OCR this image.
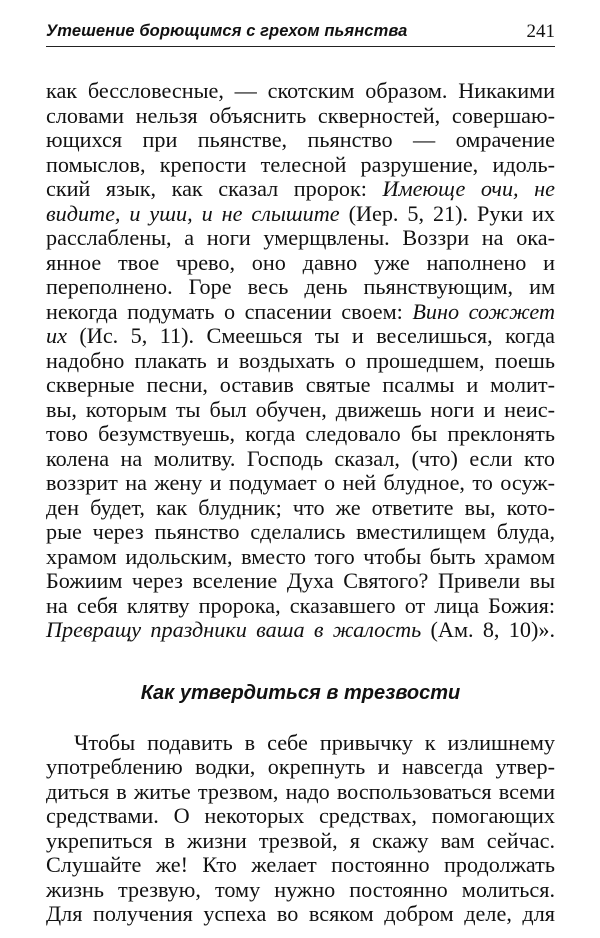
Утешение борющимся с грехом пьянства	241
как бессловесные, — скотским образом. Никакими
словами нельзя объяснить скверностей, совершаю-
ющихся при пьянстве, пьянство — омрачение
помыслов, крепости телесной разрушение, идоль-
ский язык, как сказал пророк: Имеюще очи, не
видите, и уши, и не слышите (Иер. 5, 21). Руки их
расслаблены, а ноги умерщвлены. Воззри на ока-
янное твое чрево, оно давно уже наполнено и
переполнено. Горе весь день пьянствующим, им
некогда подумать о спасении своем: Вино сожжет
их (Ис. 5, 11). Смеешься ты и веселишься, когда
надобно плакать и воздыхать о прошедшем, поешь
скверные песни, оставив святые псалмы и молит-
вы, которым ты был обучен, движешь ноги и неис-
тово безумствуешь, когда следовало бы преклонять
колена на молитву. Господь сказал, (что) если кто
воззрит на жену и подумает о ней блудное, то осуж-
ден будет, как блудник; что же ответите вы, кото-
рые через пьянство сделались вместилищем блуда,
храмом идольским, вместо того чтобы быть храмом
Божиим через вселение Духа Святого? Привели вы
на себя клятву пророка, сказавшего от лица Божия:
Превращу праздники ваша в жалость (Ам. 8, 10)».
Как утвердиться в трезвости
Чтобы подавить в себе привычку к излишнему
употреблению водки, окрепнуть и навсегда утвер-
диться в житье трезвом, надо воспользоваться всеми
средствами. О некоторых средствах, помогающих
укрепиться в жизни трезвой, я скажу вам сейчас.
Слушайте же! Кто желает постоянно продолжать
жизнь трезвую, тому нужно постоянно молиться.
Для получения успеха во всяком добром деле, для
